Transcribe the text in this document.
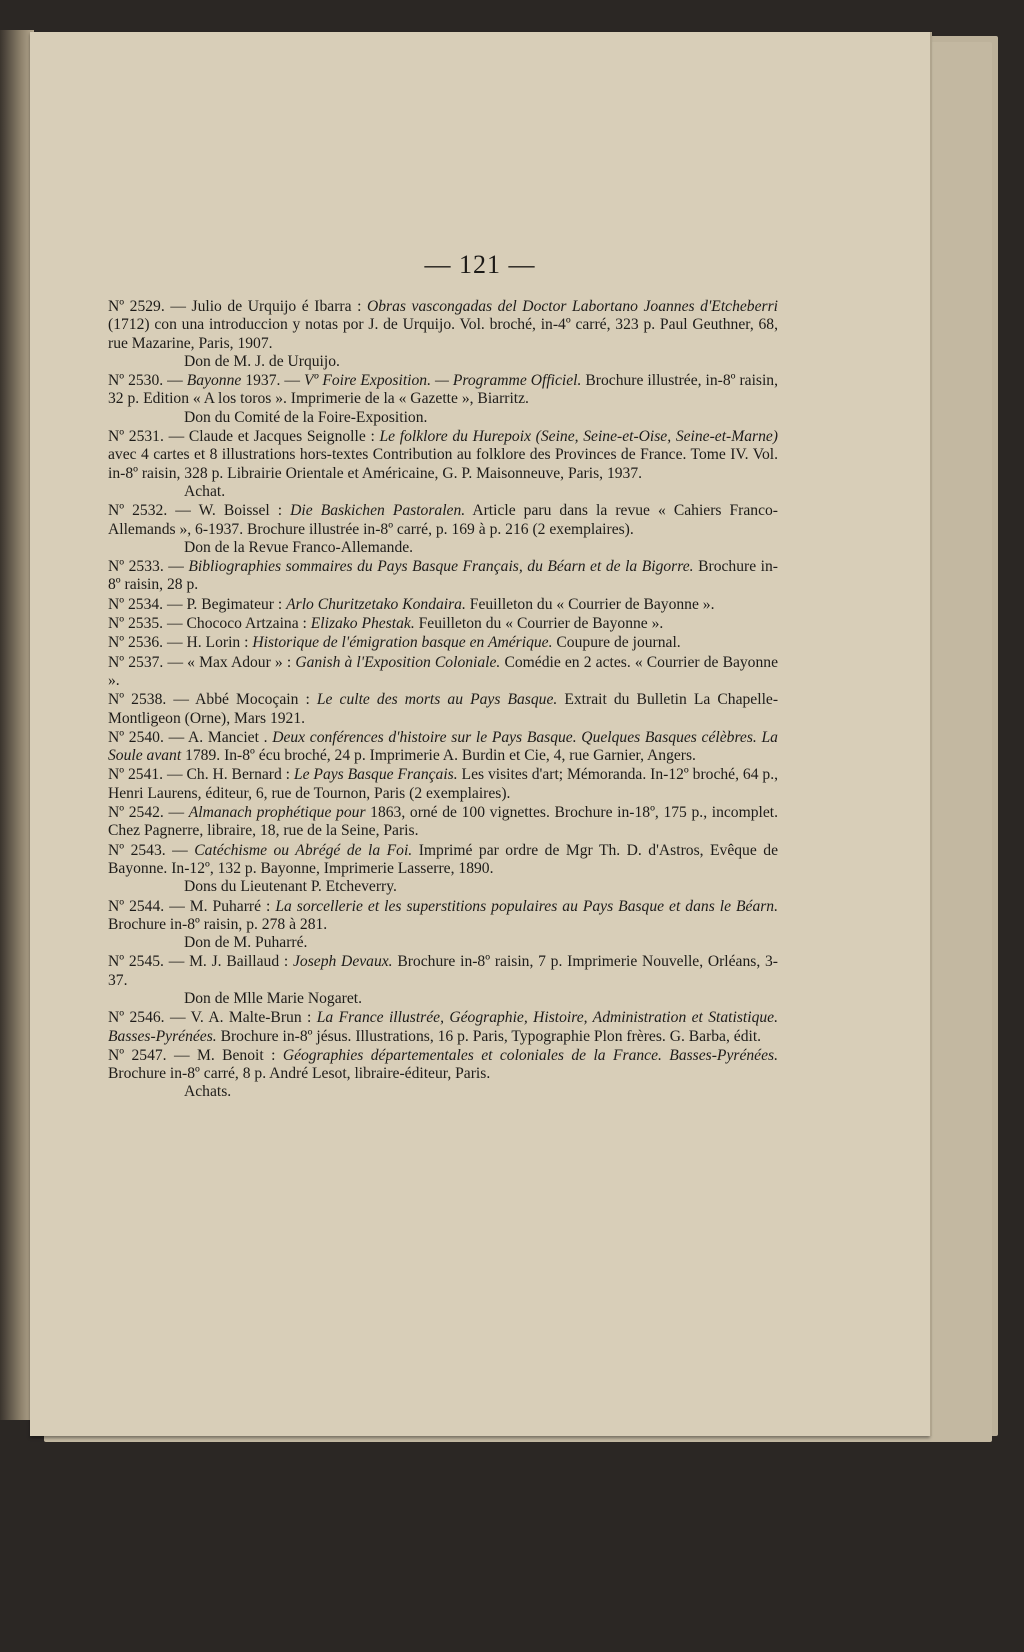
— 121 —

Nº 2529. — Julio de Urquijo é Ibarra : Obras vascongadas del Doctor Labortano Joannes d'Etcheberri (1712) con una introduccion y notas por J. de Urquijo. Vol. broché, in-4º carré, 323 p. Paul Geuthner, 68, rue Mazarine, Paris, 1907.

Don de M. J. de Urquijo.

Nº 2530. — Bayonne 1937. — Vº Foire Exposition. — Programme Officiel. Brochure illustrée, in-8º raisin, 32 p. Edition « A los toros ». Imprimerie de la « Gazette », Biarritz.

Don du Comité de la Foire-Exposition.

Nº 2531. — Claude et Jacques Seignolle : Le folklore du Hurepoix (Seine, Seine-et-Oise, Seine-et-Marne) avec 4 cartes et 8 illustrations hors-textes Contribution au folklore des Provinces de France. Tome IV. Vol. in-8º raisin, 328 p. Librairie Orientale et Américaine, G. P. Maisonneuve, Paris, 1937.

Achat.

Nº 2532. — W. Boissel : Die Baskichen Pastoralen. Article paru dans la revue « Cahiers Franco-Allemands », 6-1937. Brochure illustrée in-8º carré, p. 169 à p. 216 (2 exemplaires).

Don de la Revue Franco-Allemande.

Nº 2533. — Bibliographies sommaires du Pays Basque Français, du Béarn et de la Bigorre. Brochure in-8º raisin, 28 p.

Nº 2534. — P. Begimateur : Arlo Churitzetako Kondaira. Feuilleton du « Courrier de Bayonne ».

Nº 2535. — Chococo Artzaina : Elizako Phestak. Feuilleton du « Courrier de Bayonne ».

Nº 2536. — H. Lorin : Historique de l'émigration basque en Amérique. Coupure de journal.

Nº 2537. — « Max Adour » : Ganish à l'Exposition Coloniale. Comédie en 2 actes. « Courrier de Bayonne ».

Nº 2538. — Abbé Mocoçain : Le culte des morts au Pays Basque. Extrait du Bulletin La Chapelle-Montligeon (Orne), Mars 1921.

Nº 2540. — A. Manciet . Deux conférences d'histoire sur le Pays Basque. Quelques Basques célèbres. La Soule avant 1789. In-8º écu broché, 24 p. Imprimerie A. Burdin et Cie, 4, rue Garnier, Angers.

Nº 2541. — Ch. H. Bernard : Le Pays Basque Français. Les visites d'art; Mémoranda. In-12º broché, 64 p., Henri Laurens, éditeur, 6, rue de Tournon, Paris (2 exemplaires).

Nº 2542. — Almanach prophétique pour 1863, orné de 100 vignettes. Brochure in-18º, 175 p., incomplet. Chez Pagnerre, libraire, 18, rue de la Seine, Paris.

Nº 2543. — Catéchisme ou Abrégé de la Foi. Imprimé par ordre de Mgr Th. D. d'Astros, Evêque de Bayonne. In-12º, 132 p. Bayonne, Imprimerie Lasserre, 1890.

Dons du Lieutenant P. Etcheverry.

Nº 2544. — M. Puharré : La sorcellerie et les superstitions populaires au Pays Basque et dans le Béarn. Brochure in-8º raisin, p. 278 à 281.

Don de M. Puharré.

Nº 2545. — M. J. Baillaud : Joseph Devaux. Brochure in-8º raisin, 7 p. Imprimerie Nouvelle, Orléans, 3-37.

Don de Mlle Marie Nogaret.

Nº 2546. — V. A. Malte-Brun : La France illustrée, Géographie, Histoire, Administration et Statistique. Basses-Pyrénées. Brochure in-8º jésus. Illustrations, 16 p. Paris, Typographie Plon frères. G. Barba, édit.

Nº 2547. — M. Benoit : Géographies départementales et coloniales de la France. Basses-Pyrénées. Brochure in-8º carré, 8 p. André Lesot, libraire-éditeur, Paris.

Achats.
